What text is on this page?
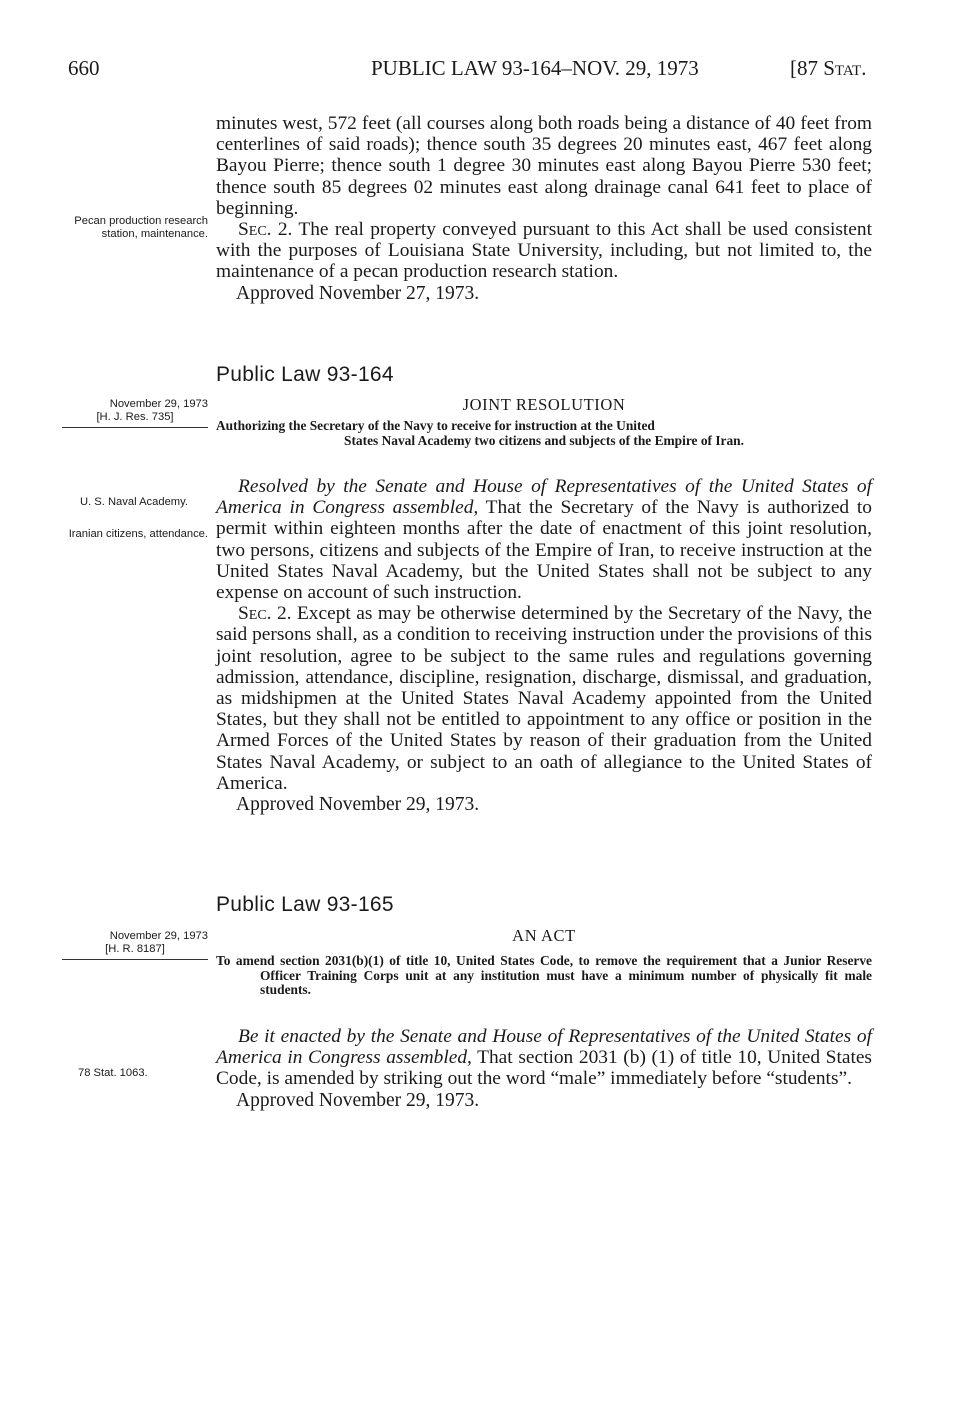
660	PUBLIC LAW 93-164–NOV. 29, 1973	[87 Stat.

minutes west, 572 feet (all courses along both roads being a distance of 40 feet from centerlines of said roads); thence south 35 degrees 20 minutes east, 467 feet along Bayou Pierre; thence south 1 degree 30 minutes east along Bayou Pierre 530 feet; thence south 85 degrees 02 minutes east along drainage canal 641 feet to place of beginning.

Sec. 2. The real property conveyed pursuant to this Act shall be used consistent with the purposes of Louisiana State University, including, but not limited to, the maintenance of a pecan production research station.

Approved November 27, 1973.

Pecan production research station, maintenance.
Public Law 93-164
JOINT RESOLUTION
November 29, 1973

[H. J. Res. 735]
Authorizing the Secretary of the Navy to receive for instruction at the United
States Naval Academy two citizens and subjects of the Empire of Iran.

Resolved by the Senate and House of Representatives of the United States of America in Congress assembled, That the Secretary of the Navy is authorized to permit within eighteen months after the date of enactment of this joint resolution, two persons, citizens and subjects of the Empire of Iran, to receive instruction at the United States Naval Academy, but the United States shall not be subject to any expense on account of such instruction.

Sec. 2. Except as may be otherwise determined by the Secretary of the Navy, the said persons shall, as a condition to receiving instruction under the provisions of this joint resolution, agree to be subject to the same rules and regulations governing admission, attendance, discipline, resignation, discharge, dismissal, and graduation, as midshipmen at the United States Naval Academy appointed from the United States, but they shall not be entitled to appointment to any office or position in the Armed Forces of the United States by reason of their graduation from the United States Naval Academy, or subject to an oath of allegiance to the United States of America.

Approved November 29, 1973.

U. S. Naval Academy.
Iranian citizens, attendance.
Public Law 93-165
AN ACT
November 29, 1973

[H. R. 8187]
To amend section 2031(b)(1) of title 10, United States Code, to remove the requirement that a Junior Reserve Officer Training Corps unit at any institution must have a minimum number of physically fit male students.

Be it enacted by the Senate and House of Representatives of the United States of America in Congress assembled, That section 2031 (b) (1) of title 10, United States Code, is amended by striking out the word “male” immediately before “students”.

Approved November 29, 1973.

78 Stat. 1063.
